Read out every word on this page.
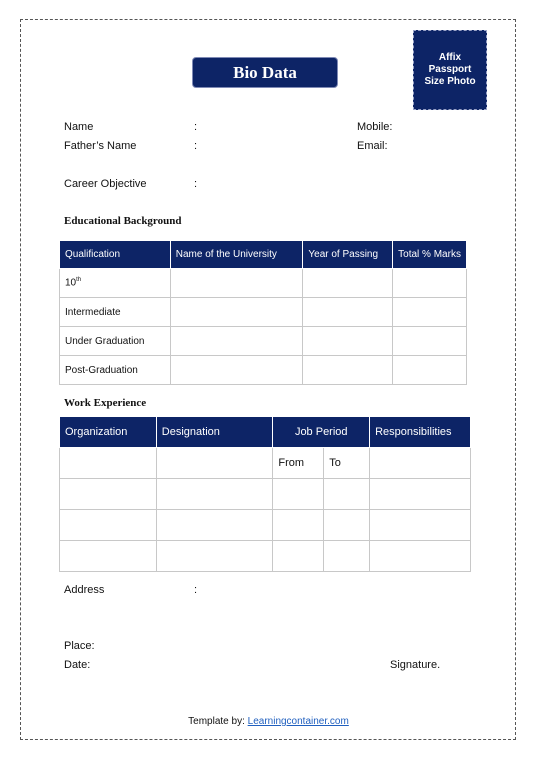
Bio Data
Affix
Passport
Size Photo
Name	:	Mobile:
Father’s Name	:	Email:
Career Objective	:
Educational Background
Qualification	Name of the University	Year of Passing	Total % Marks
10th			
Intermediate			
Under Graduation			
Post-Graduation			
Work Experience
Organization	Designation	Job Period		Responsibilities
		From	To	

Address	:
Place:
Date:	Signature.
Template by: Learningcontainer.com
